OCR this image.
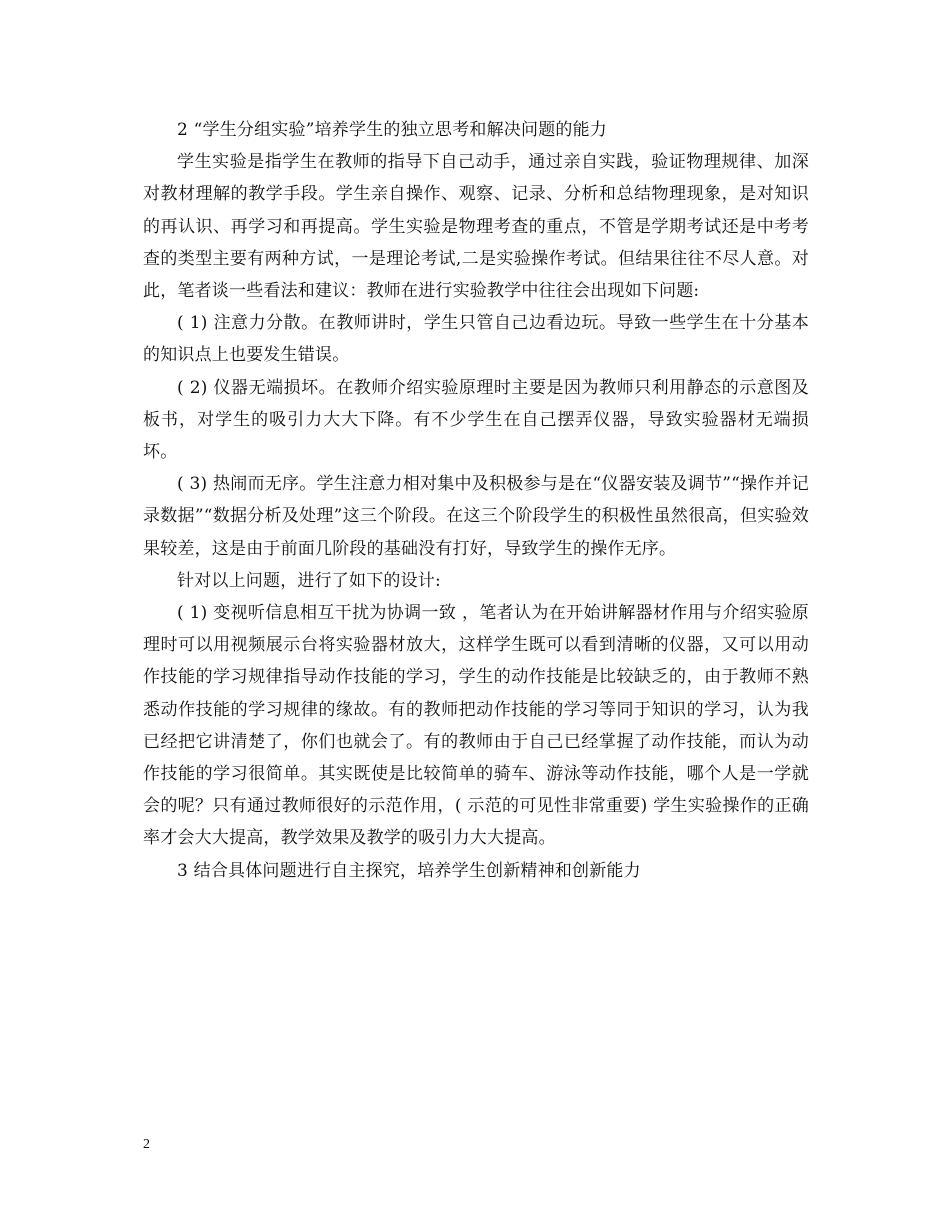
2 “学生分组实验”培养学生的独立思考和解决问题的能力

学生实验是指学生在教师的指导下自己动手，通过亲自实践，验证物理规律、加深对教材理解的教学手段。学生亲自操作、观察、记录、分析和总结物理现象，是对知识的再认识、再学习和再提高。学生实验是物理考查的重点，不管是学期考试还是中考考查的类型主要有两种方试，一是理论考试,二是实验操作考试。但结果往往不尽人意。对此，笔者谈一些看法和建议：教师在进行实验教学中往往会出现如下问题:

( 1) 注意力分散。在教师讲时，学生只管自己边看边玩。导致一些学生在十分基本的知识点上也要发生错误。

( 2) 仪器无端损坏。在教师介绍实验原理时主要是因为教师只利用静态的示意图及板书，对学生的吸引力大大下降。有不少学生在自己摆弄仪器，导致实验器材无端损坏。

( 3) 热闹而无序。学生注意力相对集中及积极参与是在“仪器安装及调节”“操作并记录数据”“数据分析及处理”这三个阶段。在这三个阶段学生的积极性虽然很高，但实验效果较差，这是由于前面几阶段的基础没有打好，导致学生的操作无序。

针对以上问题，进行了如下的设计:

( 1) 变视听信息相互干扰为协调一致 ，笔者认为在开始讲解器材作用与介绍实验原理时可以用视频展示台将实验器材放大，这样学生既可以看到清晰的仪器，又可以用动作技能的学习规律指导动作技能的学习，学生的动作技能是比较缺乏的，由于教师不熟悉动作技能的学习规律的缘故。有的教师把动作技能的学习等同于知识的学习，认为我已经把它讲清楚了，你们也就会了。有的教师由于自己已经掌握了动作技能，而认为动作技能的学习很简单。其实既使是比较简单的骑车、游泳等动作技能，哪个人是一学就会的呢？只有通过教师很好的示范作用，( 示范的可见性非常重要) 学生实验操作的正确率才会大大提高，教学效果及教学的吸引力大大提高。

3 结合具体问题进行自主探究，培养学生创新精神和创新能力

2
